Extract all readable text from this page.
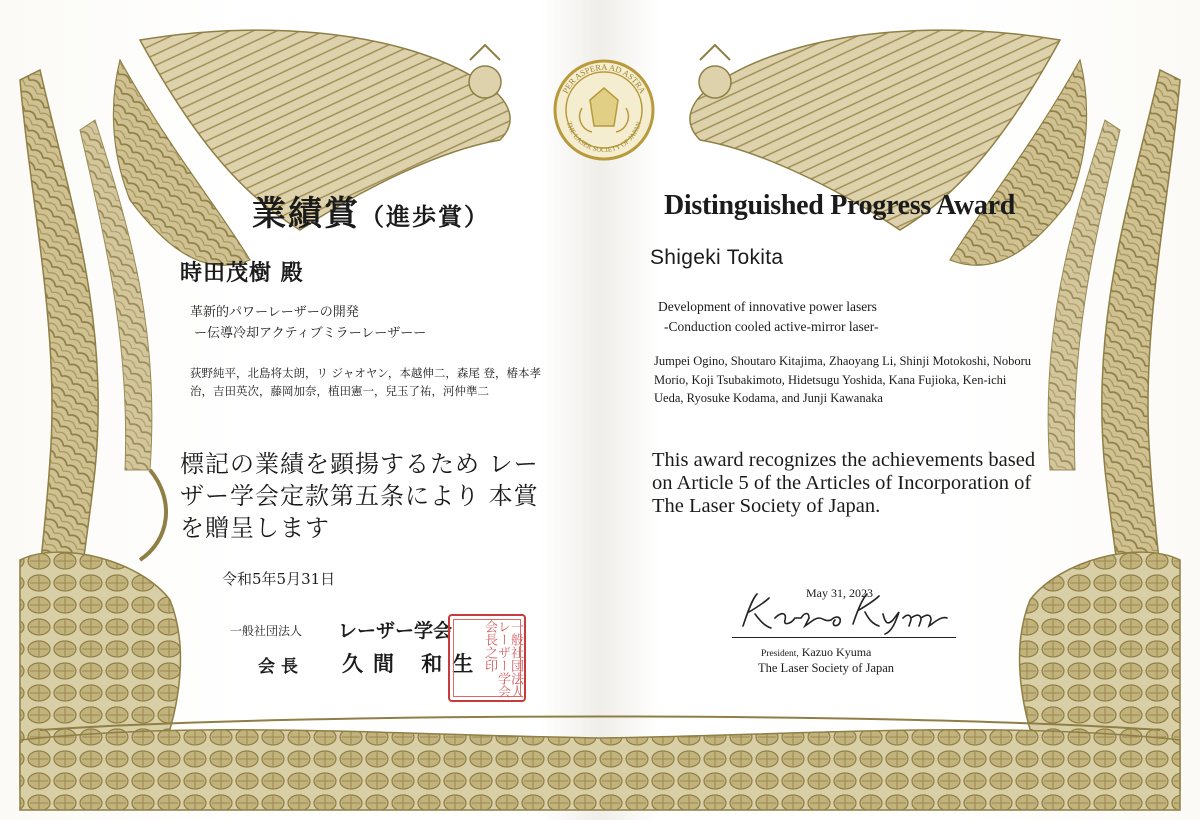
PER ASPERA AD ASTRA
THE LASER SOCIETY OF JAPAN

業績賞（進歩賞）

時田茂樹 殿

革新的パワーレーザーの開発

ー伝導冷却アクティブミラーレーザーー

荻野純平，北島将太朗，リ ジャオヤン，本越伸二，森尾 登，椿本孝治，吉田英次，藤岡加奈，植田憲一，兒玉了祐，河仲準二

標記の業績を顕揚するため レーザー学会定款第五条により 本賞を贈呈します

令和5年5月31日

一般社団法人 レーザー学会

会長 久間 和生	一般社団法人レーザー学会会長之印

Distinguished Progress Award

Shigeki Tokita

Development of innovative power lasers

-Conduction cooled active-mirror laser-

Jumpei Ogino, Shoutaro Kitajima, Zhaoyang Li, Shinji Motokoshi, Noboru Morio, Koji Tsubakimoto, Hidetsugu Yoshida, Kana Fujioka, Ken-ichi Ueda, Ryosuke Kodama, and Junji Kawanaka

This award recognizes the achievements based on Article 5 of the Articles of Incorporation of The Laser Society of Japan.

May 31, 2023

President, Kazuo Kyuma

The Laser Society of Japan
